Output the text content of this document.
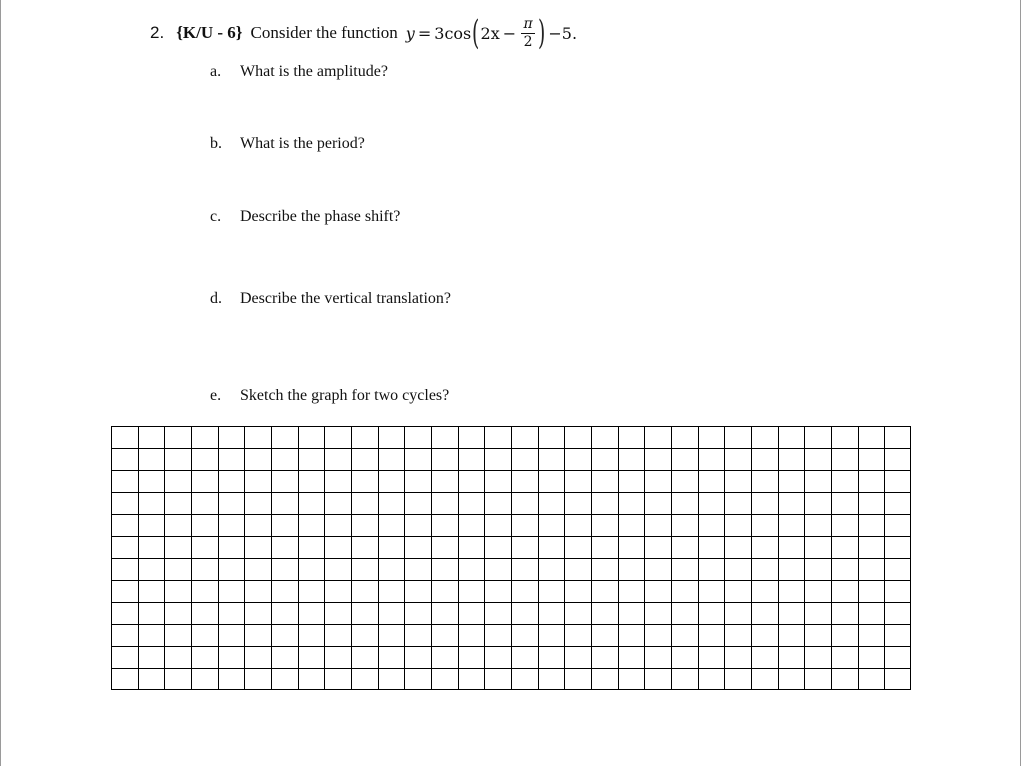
2. {K/U - 6} Consider the function y = 3 cos ( $2x - \frac{\pi}{2}$ ) −5.
a. What is the amplitude?
b. What is the period?
c. Describe the phase shift?
d. Describe the vertical translation?
e. Sketch the graph for two cycles?
